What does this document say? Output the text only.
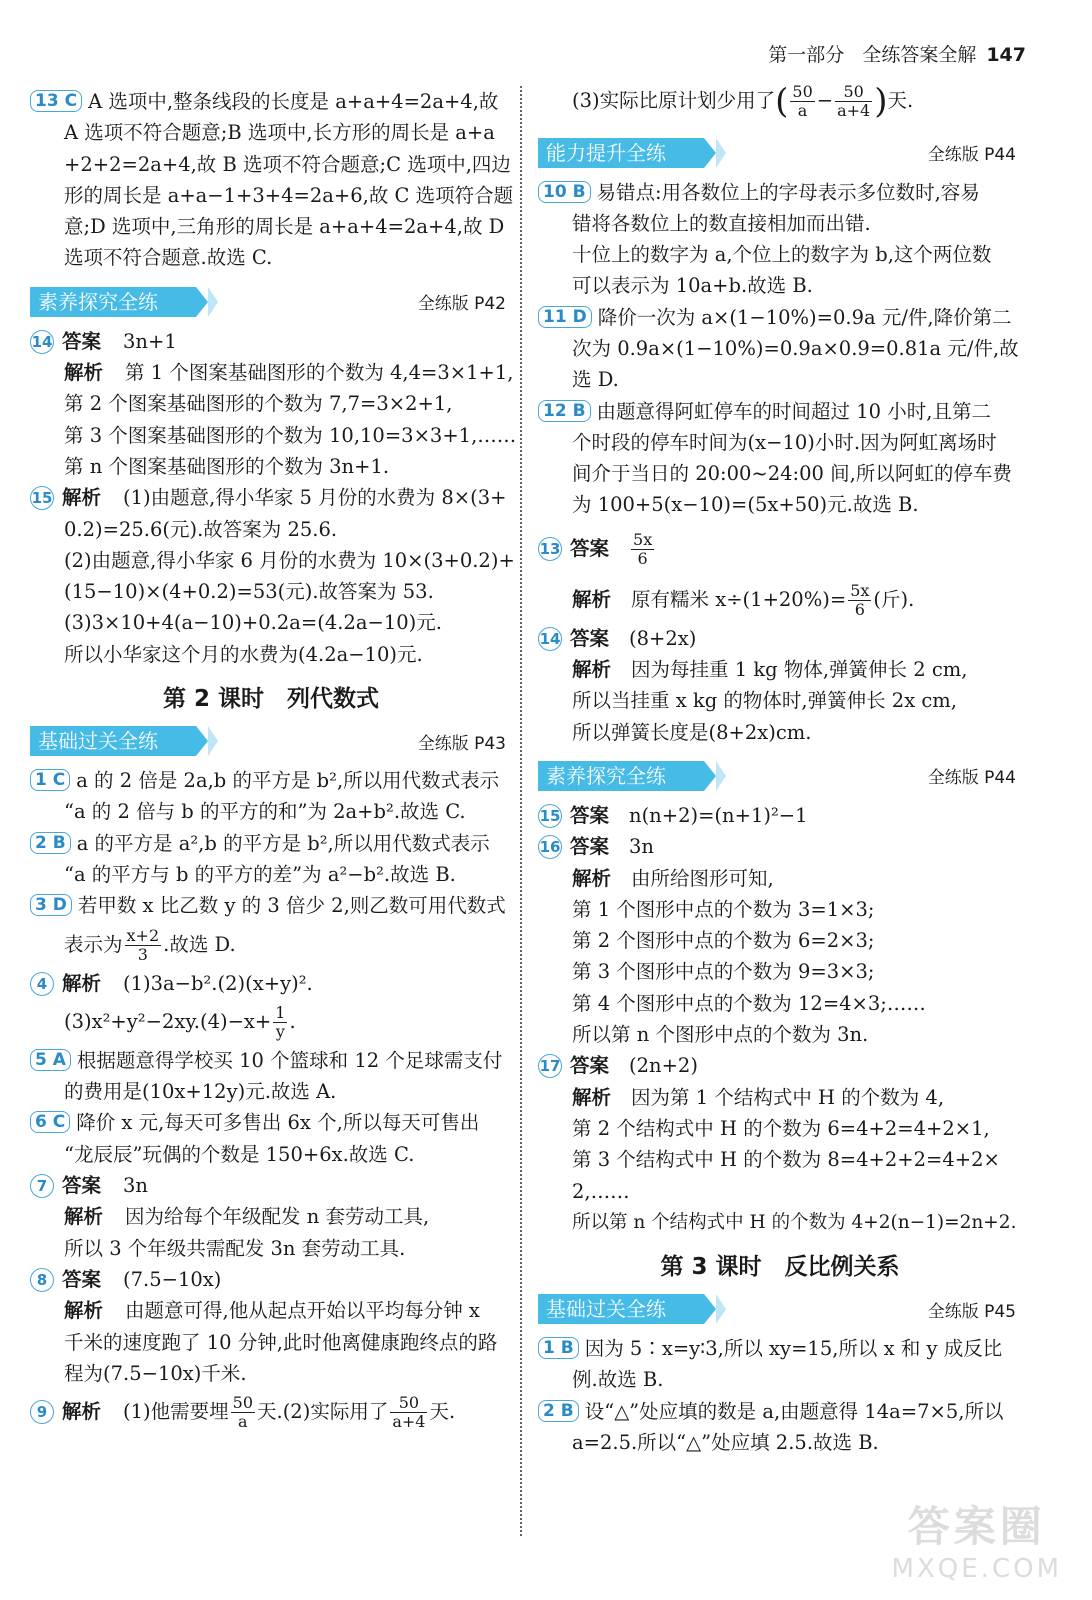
第一部分 全练答案全解 147
13 C A 选项中,整条线段的长度是 a+a+4=2a+4,故
A 选项不符合题意;B 选项中,长方形的周长是 a+a
+2+2=2a+4,故 B 选项不符合题意;C 选项中,四边
形的周长是 a+a−1+3+4=2a+6,故 C 选项符合题
意;D 选项中,三角形的周长是 a+a+4=2a+4,故 D
选项不符合题意.故选 C.
素养探究全练	全练版 P42
14 答案 3n+1
解析 第 1 个图案基础图形的个数为 4,4=3×1+1,
第 2 个图案基础图形的个数为 7,7=3×2+1,
第 3 个图案基础图形的个数为 10,10=3×3+1,……
第 n 个图案基础图形的个数为 3n+1.
15 解析 (1)由题意,得小华家 5 月份的水费为 8×(3+
0.2)=25.6(元).故答案为 25.6.
(2)由题意,得小华家 6 月份的水费为 10×(3+0.2)+
(15−10)×(4+0.2)=53(元).故答案为 53.
(3)3×10+4(a−10)+0.2a=(4.2a−10)元.
所以小华家这个月的水费为(4.2a−10)元.
第 2 课时　列代数式
基础过关全练	全练版 P43
1 C a 的 2 倍是 2a,b 的平方是 b²,所以用代数式表示
“a 的 2 倍与 b 的平方的和”为 2a+b².故选 C.
2 B a 的平方是 a²,b 的平方是 b²,所以用代数式表示
“a 的平方与 b 的平方的差”为 a²−b².故选 B.
3 D 若甲数 x 比乙数 y 的 3 倍少 2,则乙数可用代数式
表示为 $\frac{x+2}{3}$ .故选 D.
4 解析 (1)3a−b².(2)(x+y)².
$(3)x^2+y^2-2xy.(4)-x+ \frac{1}{y}$ .
5 A 根据题意得学校买 10 个篮球和 12 个足球需支付
的费用是(10x+12y)元.故选 A.
6 C 降价 x 元,每天可多售出 6x 个,所以每天可售出
“龙辰辰”玩偶的个数是 150+6x.故选 C.
7 答案 3n
解析 因为给每个年级配发 n 套劳动工具,
所以 3 个年级共需配发 3n 套劳动工具.
8 答案 (7.5−10x)
解析 由题意可得,他从起点开始以平均每分钟 x
千米的速度跑了 10 分钟,此时他离健康跑终点的路
程为(7.5−10x)千米.
9 解析 (1)他需要埋 $\frac{50}{a}$ 天.(2)实际用了 $\frac{50}{a+4}$ 天.
(3)实际比原计划少用了( $\frac{50}{a} - \frac{50}{a+4}$ )天.
能力提升全练	全练版 P44
10 B 易错点:用各数位上的字母表示多位数时,容易
错将各数位上的数直接相加而出错.
十位上的数字为 a,个位上的数字为 b,这个两位数
可以表示为 10a+b.故选 B.
11 D 降价一次为 a×(1−10%)=0.9a 元/件,降价第二
次为 0.9a×(1−10%)=0.9a×0.9=0.81a 元/件,故
选 D.
12 B 由题意得阿虹停车的时间超过 10 小时,且第二
个时段的停车时间为(x−10)小时.因为阿虹离场时
间介于当日的 20:00~24:00 间,所以阿虹的停车费
为 100+5(x−10)=(5x+50)元.故选 B.
13 答案 $\frac{5x}{6}$
解析 原有糯米 $x\div(1+20\%)= \frac{5x}{6}$ (斤).
14 答案 (8+2x)
解析 因为每挂重 1 kg 物体,弹簧伸长 2 cm,
所以当挂重 x kg 的物体时,弹簧伸长 2x cm,
所以弹簧长度是(8+2x)cm.
素养探究全练	全练版 P44
15 答案 n(n+2)=(n+1)²−1
16 答案 3n
解析 由所给图形可知,
第 1 个图形中点的个数为 3=1×3;
第 2 个图形中点的个数为 6=2×3;
第 3 个图形中点的个数为 9=3×3;
第 4 个图形中点的个数为 12=4×3;……
所以第 n 个图形中点的个数为 3n.
17 答案 (2n+2)
解析 因为第 1 个结构式中 H 的个数为 4,
第 2 个结构式中 H 的个数为 6=4+2=4+2×1,
第 3 个结构式中 H 的个数为 8=4+2+2=4+2×
2,……
所以第 n 个结构式中 H 的个数为 4+2(n−1)=2n+2.
第 3 课时　反比例关系
基础过关全练	全练版 P45
1 B 因为 5∶x=y∶3,所以 xy=15,所以 x 和 y 成反比
例.故选 B.
2 B 设“△”处应填的数是 a,由题意得 14a=7×5,所以
a=2.5.所以“△”处应填 2.5.故选 B.
答案圈
MXQE.COM
